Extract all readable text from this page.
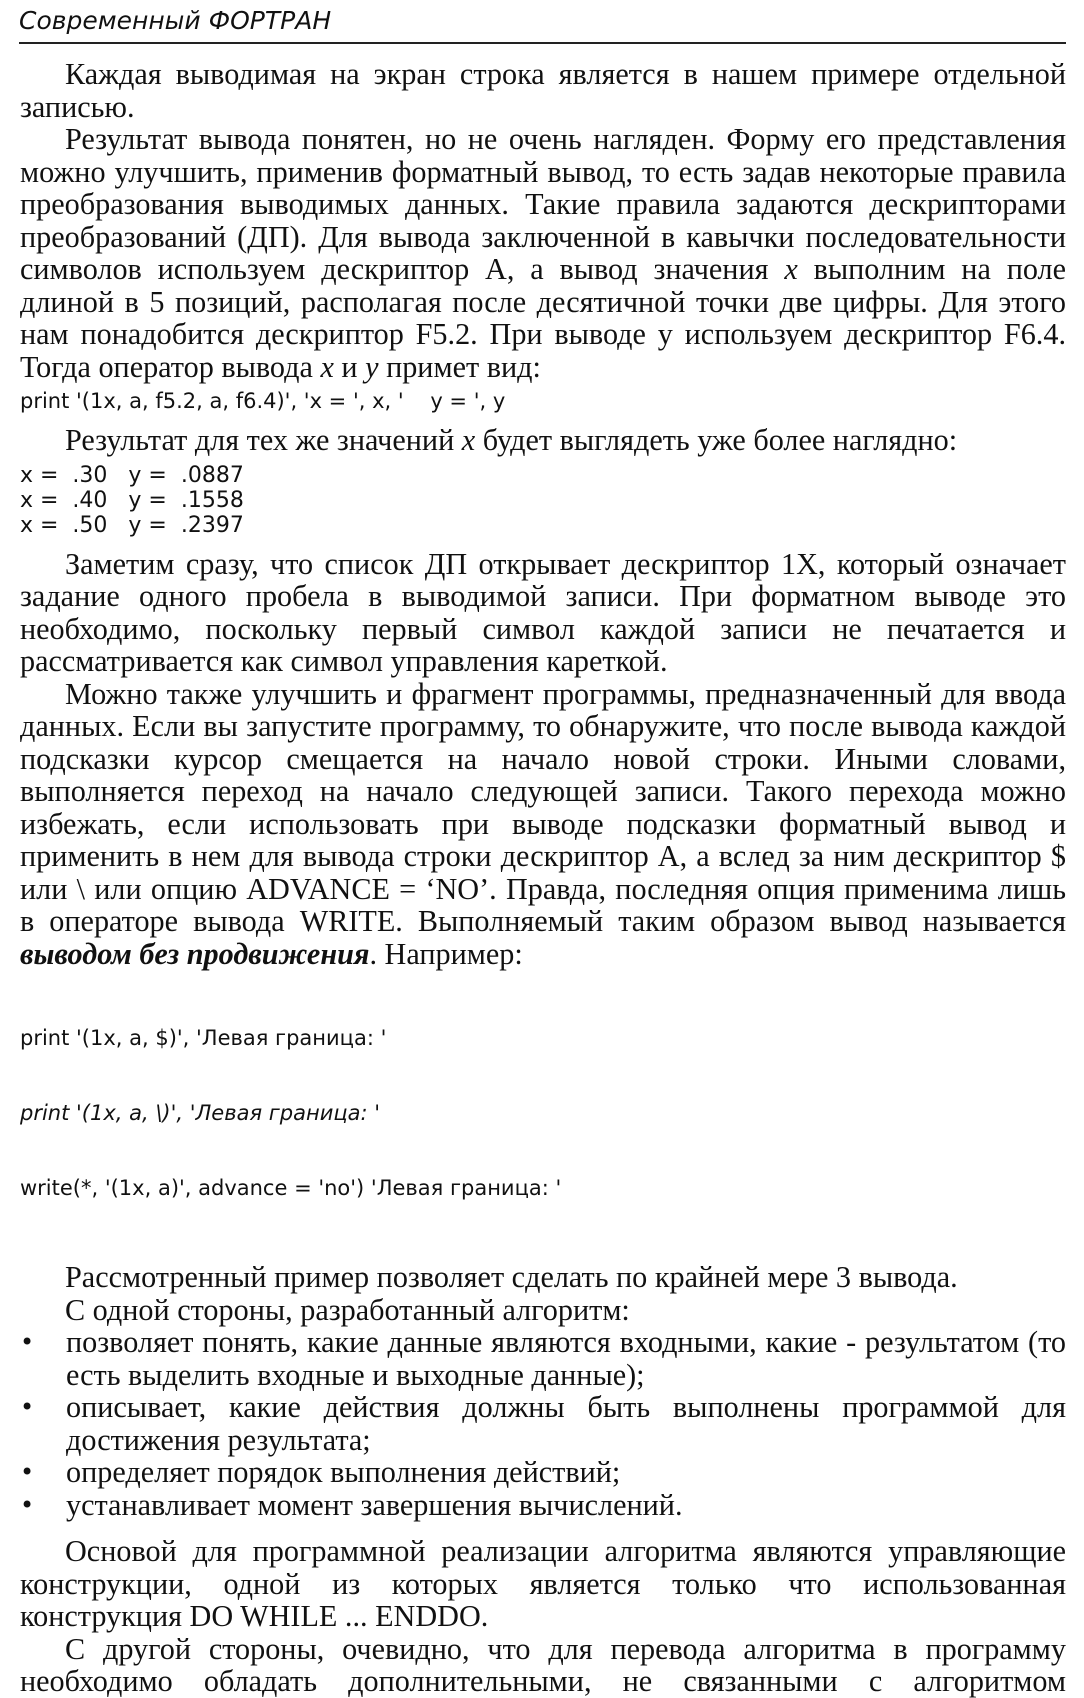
Современный ФОРТРАН

Каждая выводимая на экран строка является в нашем примере отдельной записью.

Результат вывода понятен, но не очень нагляден. Форму его представления можно улучшить, применив форматный вывод, то есть задав некоторые правила преобразования выводимых данных. Такие правила задаются дескрипторами преобразований (ДП). Для вывода заключенной в кавычки последовательности символов используем дескриптор A, а вывод значения x выполним на поле длиной в 5 позиций, располагая после десятичной точки две цифры. Для этого нам понадобится дескриптор F5.2. При выводе y используем дескриптор F6.4. Тогда оператор вывода x и y примет вид:

print '(1x, a, f5.2, a, f6.4)', 'x = ', x, '    y = ', y

Результат для тех же значений x будет выглядеть уже более наглядно:

x =  .30   y =  .0887
x =  .40   y =  .1558
x =  .50   y =  .2397

Заметим сразу, что список ДП открывает дескриптор 1X, который означает задание одного пробела в выводимой записи. При форматном выводе это необходимо, поскольку первый символ каждой записи не печатается и рассматривается как символ управления кареткой.

Можно также улучшить и фрагмент программы, предназначенный для ввода данных. Если вы запустите программу, то обнаружите, что после вывода каждой подсказки курсор смещается на начало новой строки. Иными словами, выполняется переход на начало следующей записи. Такого перехода можно избежать, если использовать при выводе подсказки форматный вывод и применить в нем для вывода строки дескриптор A, а вслед за ним дескриптор $ или \ или опцию ADVANCE = ‘NO’. Правда, последняя опция применима лишь в операторе вывода WRITE. Выполняемый таким образом вывод называется выводом без продвижения. Например:

print '(1x, a, $)', 'Левая граница: '

print '(1x, a, \)', 'Левая граница: '

write(*, '(1x, a)', advance = 'no') 'Левая граница: '

Рассмотренный пример позволяет сделать по крайней мере 3 вывода.

С одной стороны, разработанный алгоритм:

• позволяет понять, какие данные являются входными, какие - результатом (то есть выделить входные и выходные данные);
• описывает, какие действия должны быть выполнены программой для достижения результата;
• определяет порядок выполнения действий;
• устанавливает момент завершения вычислений.

Основой для программной реализации алгоритма являются управляющие конструкции, одной из которых является только что использованная конструкция DO WHILE ... ENDDO.

С другой стороны, очевидно, что для перевода алгоритма в программу необходимо обладать дополнительными, не связанными с алгоритмом
